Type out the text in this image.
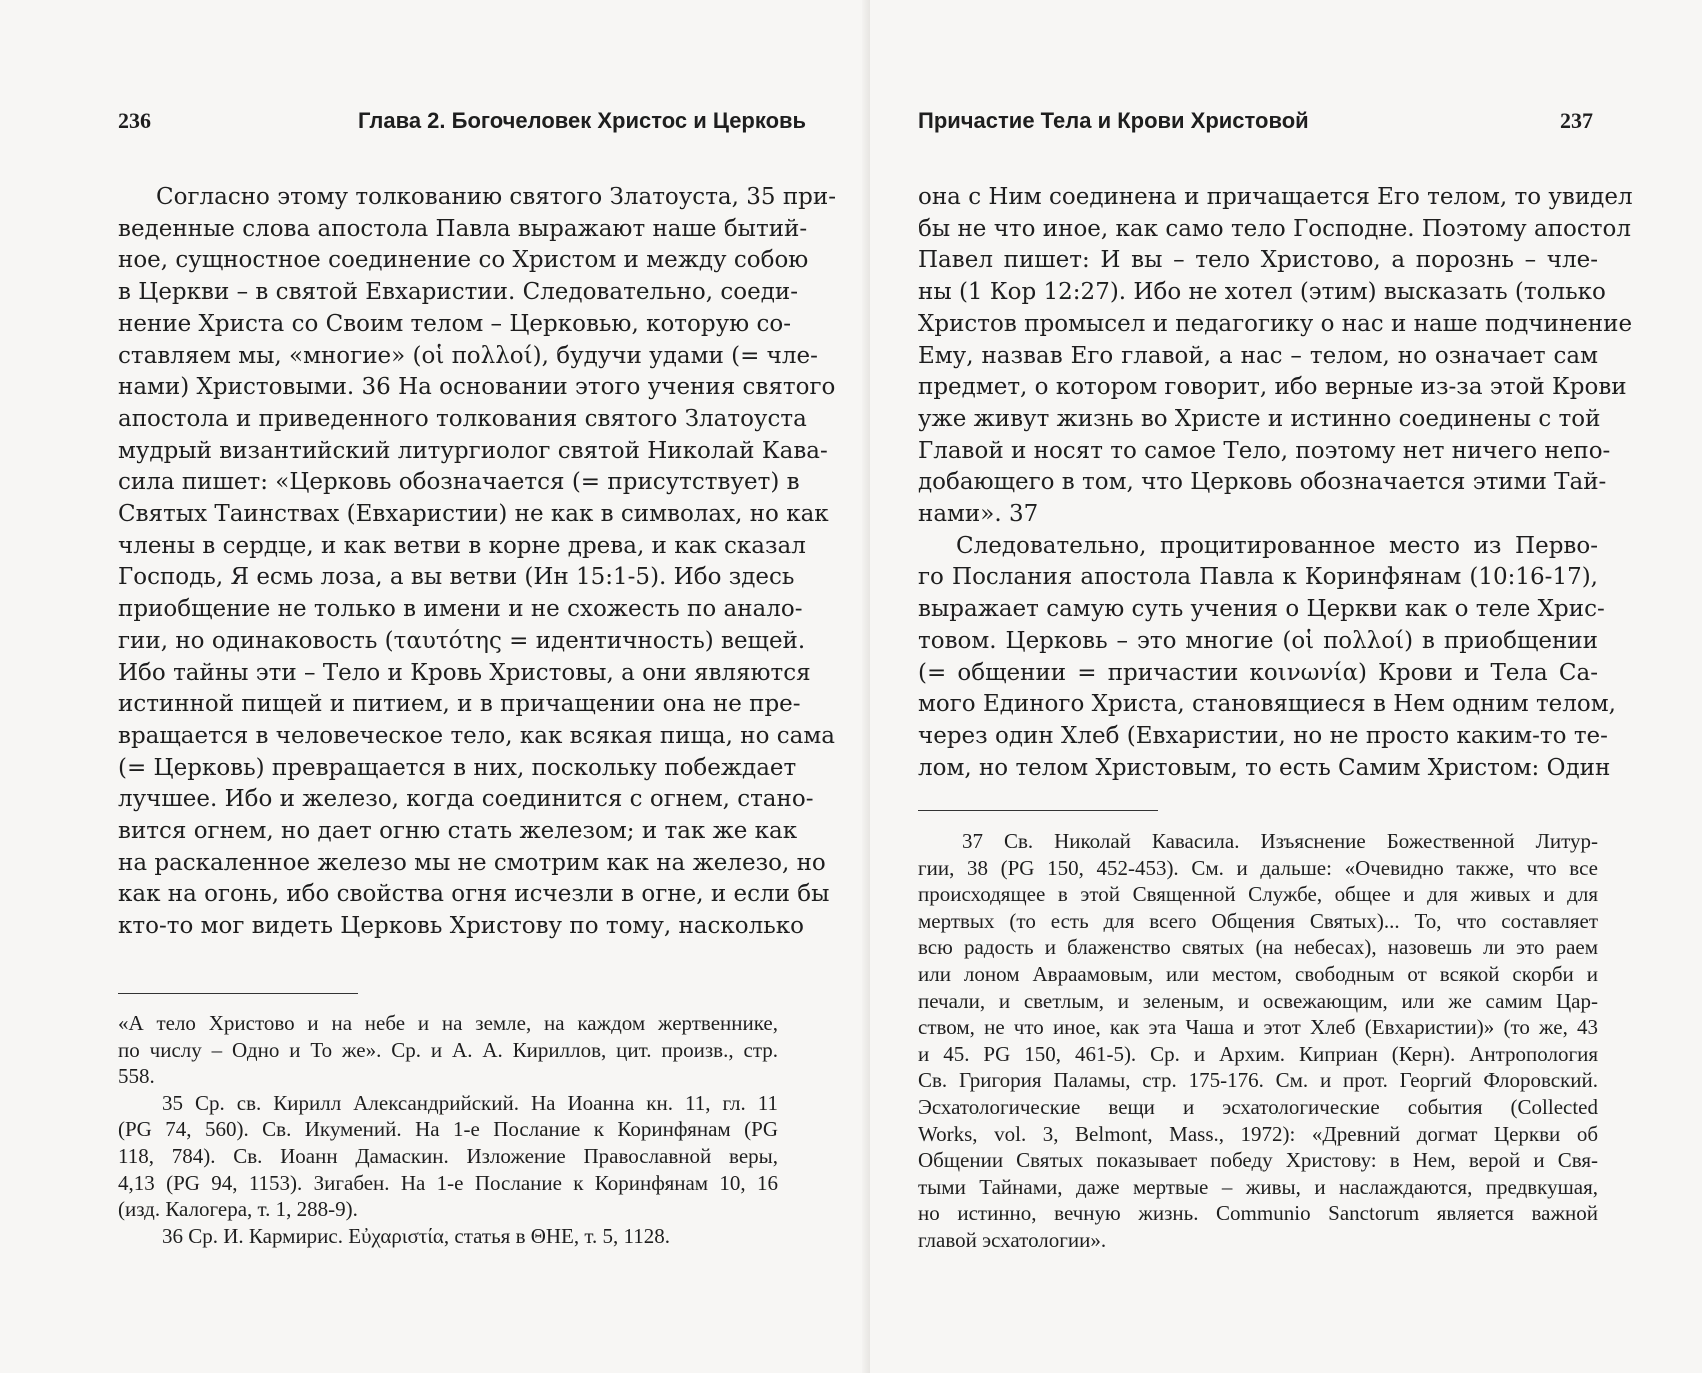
236	Глава 2. Богочеловек Христос и Церковь
Согласно этому толкованию святого Златоуста, 35 при-
веденные слова апостола Павла выражают наше бытий-
ное, сущностное соединение со Христом и между собою
в Церкви – в святой Евхаристии. Следовательно, соеди-
нение Христа со Своим телом – Церковью, которую со-
ставляем мы, «многие» (οἱ πολλοί), будучи удами (= чле-
нами) Христовыми. 36 На основании этого учения святого
апостола и приведенного толкования святого Златоуста
мудрый византийский литургиолог святой Николай Кава-
сила пишет: «Церковь обозначается (= присутствует) в
Святых Таинствах (Евхаристии) не как в символах, но как
члены в сердце, и как ветви в корне древа, и как сказал
Господь, Я есмь лоза, а вы ветви (Ин 15:1-5). Ибо здесь
приобщение не только в имени и не схожесть по анало-
гии, но одинаковость (ταυτότης = идентичность) вещей.
Ибо тайны эти – Тело и Кровь Христовы, а они являются
истинной пищей и питием, и в причащении она не пре-
вращается в человеческое тело, как всякая пища, но сама
(= Церковь) превращается в них, поскольку побеждает
лучшее. Ибо и железо, когда соединится с огнем, стано-
вится огнем, но дает огню стать железом; и так же как
на раскаленное железо мы не смотрим как на железо, но
как на огонь, ибо свойства огня исчезли в огне, и если бы
кто-то мог видеть Церковь Христову по тому, насколько
«А тело Христово и на небе и на земле, на каждом жертвеннике,
по числу – Одно и То же». Ср. и А. А. Кириллов, цит. произв., стр.
558.
35 Ср. св. Кирилл Александрийский. На Иоанна кн. 11, гл. 11
(PG 74, 560). Св. Икумений. На 1-е Послание к Коринфянам (PG
118, 784). Св. Иоанн Дамаскин. Изложение Православной веры,
4,13 (PG 94, 1153). Зигабен. На 1-е Послание к Коринфянам 10, 16
(изд. Калогера, т. 1, 288-9).
36 Ср. И. Кармирис. Εὐχαριστία, статья в ΘΗΕ, т. 5, 1128.
Причастие Тела и Крови Христовой	237
она с Ним соединена и причащается Его телом, то увидел
бы не что иное, как само тело Господне. Поэтому апостол
Павел пишет: И вы – тело Христово, а порознь – чле-
ны (1 Кор 12:27). Ибо не хотел (этим) высказать (только
Христов промысел и педагогику о нас и наше подчинение
Ему, назвав Его главой, а нас – телом, но означает сам
предмет, о котором говорит, ибо верные из-за этой Крови
уже живут жизнь во Христе и истинно соединены с той
Главой и носят то самое Тело, поэтому нет ничего непо-
добающего в том, что Церковь обозначается этими Тай-
нами». 37
Следовательно, процитированное место из Перво-
го Послания апостола Павла к Коринфянам (10:16-17),
выражает самую суть учения о Церкви как о теле Хрис-
товом. Церковь – это многие (οἱ πολλοί) в приобщении
(= общении = причастии κοινωνία) Крови и Тела Са-
мого Единого Христа, становящиеся в Нем одним телом,
через один Хлеб (Евхаристии, но не просто каким-то те-
лом, но телом Христовым, то есть Самим Христом: Один
37 Св. Николай Кавасила. Изъяснение Божественной Литур-
гии, 38 (PG 150, 452-453). См. и дальше: «Очевидно также, что все
происходящее в этой Священной Службе, общее и для живых и для
мертвых (то есть для всего Общения Святых)... То, что составляет
всю радость и блаженство святых (на небесах), назовешь ли это раем
или лоном Авраамовым, или местом, свободным от всякой скорби и
печали, и светлым, и зеленым, и освежающим, или же самим Цар-
ством, не что иное, как эта Чаша и этот Хлеб (Евхаристии)» (то же, 43
и 45. PG 150, 461-5). Ср. и Архим. Киприан (Керн). Антропология
Св. Григория Паламы, стр. 175-176. См. и прот. Георгий Флоровский.
Эсхатологические вещи и эсхатологические события (Collected
Works, vol. 3, Belmont, Mass., 1972): «Древний догмат Церкви об
Общении Святых показывает победу Христову: в Нем, верой и Свя-
тыми Тайнами, даже мертвые – живы, и наслаждаются, предвкушая,
но истинно, вечную жизнь. Communio Sanctorum является важной
главой эсхатологии».
